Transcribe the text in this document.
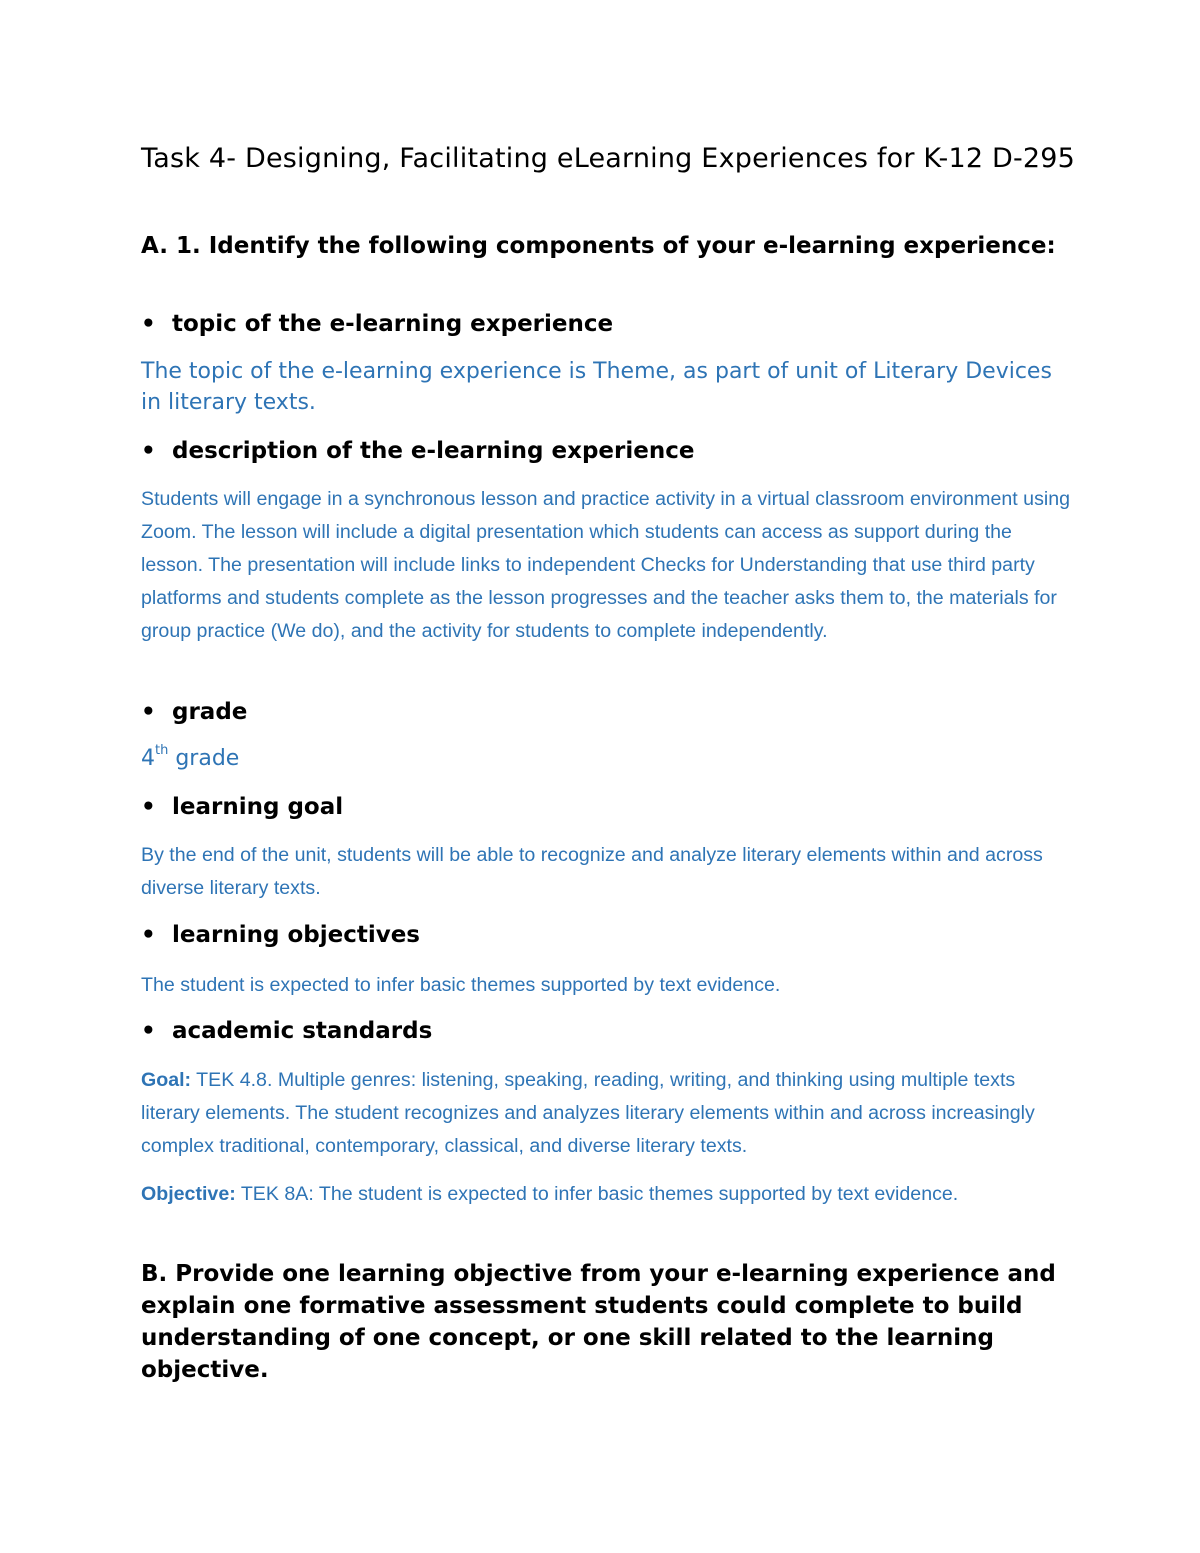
Task 4- Designing, Facilitating eLearning Experiences for K-12 D-295

A. 1. Identify the following components of your e-learning experience:

• topic of the e-learning experience

The topic of the e-learning experience is Theme, as part of unit of Literary Devices in literary texts.

• description of the e-learning experience

Students will engage in a synchronous lesson and practice activity in a virtual classroom environment using Zoom. The lesson will include a digital presentation which students can access as support during the lesson. The presentation will include links to independent Checks for Understanding that use third party platforms and students complete as the lesson progresses and the teacher asks them to, the materials for group practice (We do), and the activity for students to complete independently.

• grade

4th grade

• learning goal

By the end of the unit, students will be able to recognize and analyze literary elements within and across diverse literary texts.

• learning objectives

The student is expected to infer basic themes supported by text evidence.

• academic standards

Goal: TEK 4.8. Multiple genres: listening, speaking, reading, writing, and thinking using multiple texts literary elements. The student recognizes and analyzes literary elements within and across increasingly complex traditional, contemporary, classical, and diverse literary texts.

Objective: TEK 8A: The student is expected to infer basic themes supported by text evidence.

B. Provide one learning objective from your e-learning experience and explain one formative assessment students could complete to build understanding of one concept, or one skill related to the learning objective.
